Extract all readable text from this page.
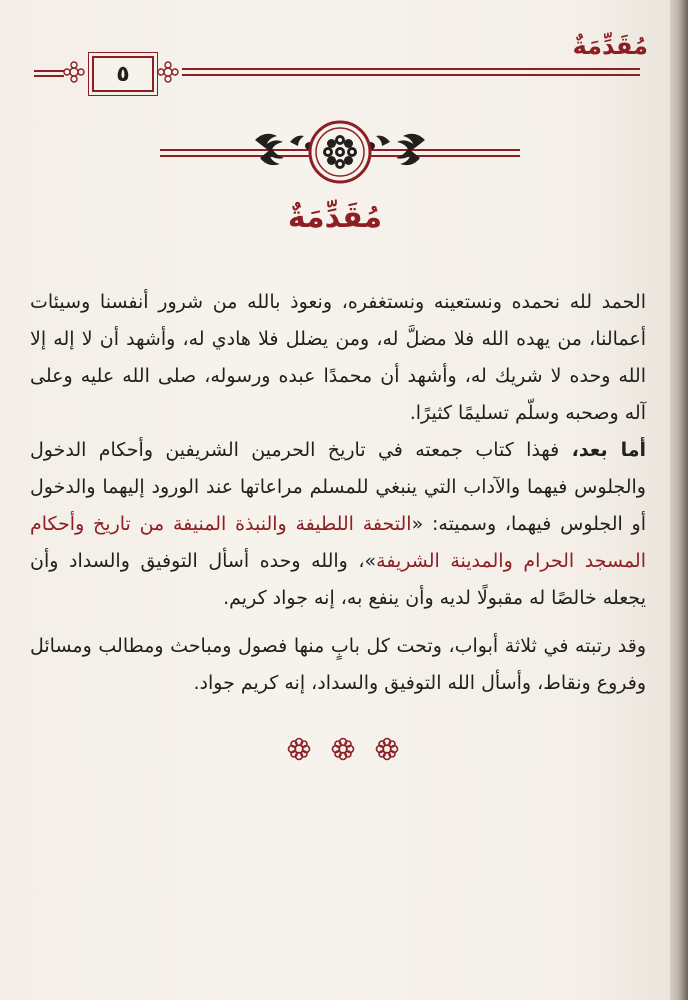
مُقَدِّمَةٌ
٥
مُقَدِّمَةٌ
الحمد لله نحمده ونستعينه ونستغفره، ونعوذ بالله من شرور أنفسنا وسيئات أعمالنا، من يهده الله فلا مضلَّ له، ومن يضلل فلا هادي له، وأشهد أن لا إله إلا الله وحده لا شريك له، وأشهد أن محمدًا عبده ورسوله، صلى الله عليه وعلى آله وصحبه وسلّم تسليمًا كثيرًا.
أما بعد، فهذا كتاب جمعته في تاريخ الحرمين الشريفين وأحكام الدخول والجلوس فيهما والآداب التي ينبغي للمسلم مراعاتها عند الورود إليهما والدخول أو الجلوس فيهما، وسميته: «التحفة اللطيفة والنبذة المنيفة من تاريخ وأحكام المسجد الحرام والمدينة الشريفة»، والله وحده أسأل التوفيق والسداد وأن يجعله خالصًا له مقبولًا لديه وأن ينفع به، إنه جواد كريم.
وقد رتبته في ثلاثة أبواب، وتحت كل بابٍ منها فصول ومباحث ومطالب ومسائل وفروع ونقاط، وأسأل الله التوفيق والسداد، إنه كريم جواد.
